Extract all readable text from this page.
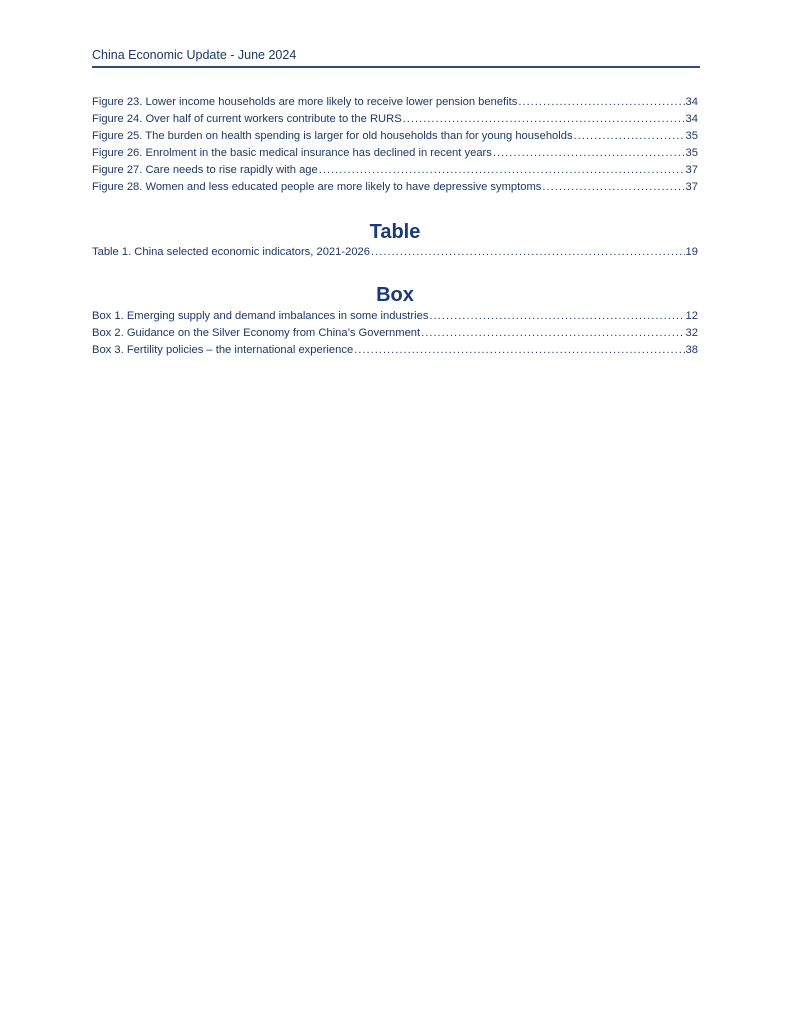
China Economic Update - June 2024
Figure 23. Lower income households are more likely to receive lower pension benefits .....	34
Figure 24. Over half of current workers contribute to the RURS .....	34
Figure 25. The burden on health spending is larger for old households than for young households .....	35
Figure 26. Enrolment in the basic medical insurance has declined in recent years .....	35
Figure 27. Care needs to rise rapidly with age .....	37
Figure 28. Women and less educated people are more likely to have depressive symptoms .....	37
Table
Table 1. China selected economic indicators, 2021-2026 .....	19
Box
Box 1. Emerging supply and demand imbalances in some industries .....	12
Box 2. Guidance on the Silver Economy from China’s Government .....	32
Box 3. Fertility policies – the international experience .....	38
